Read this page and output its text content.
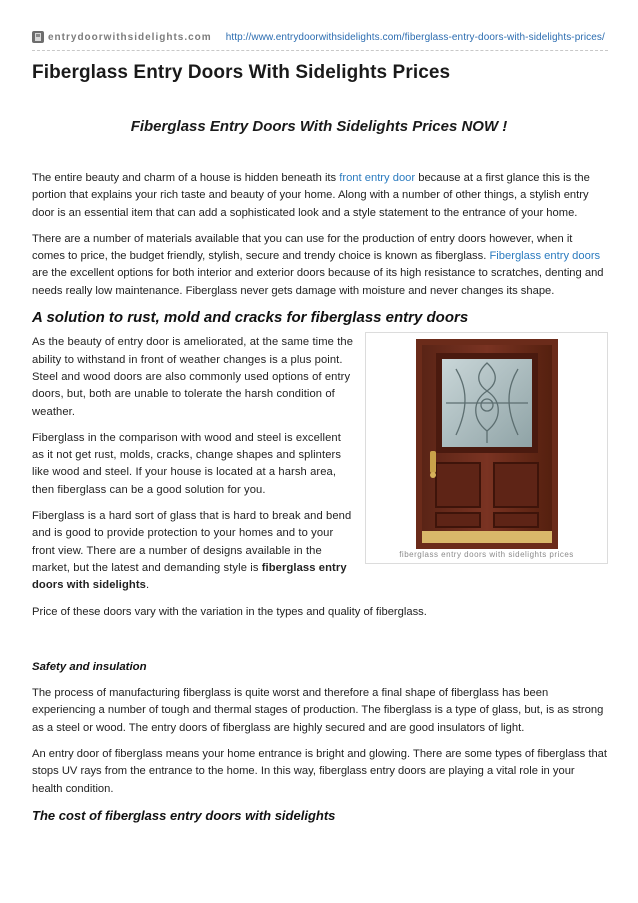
entrydoorwithsidelights.com http://www.entrydoorwithsidelights.com/fiberglass-entry-doors-with-sidelights-prices/
Fiberglass Entry Doors With Sidelights Prices
Fiberglass Entry Doors With Sidelights Prices NOW !

The entire beauty and charm of a house is hidden beneath its front entry door because at a first glance this is the portion that explains your rich taste and beauty of your home. Along with a number of other things, a stylish entry door is an essential item that can add a sophisticated look and a style statement to the entrance of your home.

There are a number of materials available that you can use for the production of entry doors however, when it comes to price, the budget friendly, stylish, secure and trendy choice is known as fiberglass. Fiberglass entry doors are the excellent options for both interior and exterior doors because of its high resistance to scratches, denting and needs really low maintenance. Fiberglass never gets damage with moisture and never changes its shape.

A solution to rust, mold and cracks for fiberglass entry doors
fiberglass entry doors with sidelights prices

As the beauty of entry door is ameliorated, at the same time the ability to withstand in front of weather changes is a plus point. Steel and wood doors are also commonly used options of entry doors, but, both are unable to tolerate the harsh condition of weather.

Fiberglass in the comparison with wood and steel is excellent as it not get rust, molds, cracks, change shapes and splinters like wood and steel. If your house is located at a harsh area, then fiberglass can be a good solution for you.

Fiberglass is a hard sort of glass that is hard to break and bend and is good to provide protection to your homes and to your front view. There are a number of designs available in the market, but the latest and demanding style is fiberglass entry doors with sidelights.

Price of these doors vary with the variation in the types and quality of fiberglass.

Safety and insulation

The process of manufacturing fiberglass is quite worst and therefore a final shape of fiberglass has been experiencing a number of tough and thermal stages of production. The fiberglass is a type of glass, but, is as strong as a steel or wood. The entry doors of fiberglass are highly secured and are good insulators of light.

An entry door of fiberglass means your home entrance is bright and glowing. There are some types of fiberglass that stops UV rays from the entrance to the home. In this way, fiberglass entry doors are playing a vital role in your health condition.

The cost of fiberglass entry doors with sidelights
